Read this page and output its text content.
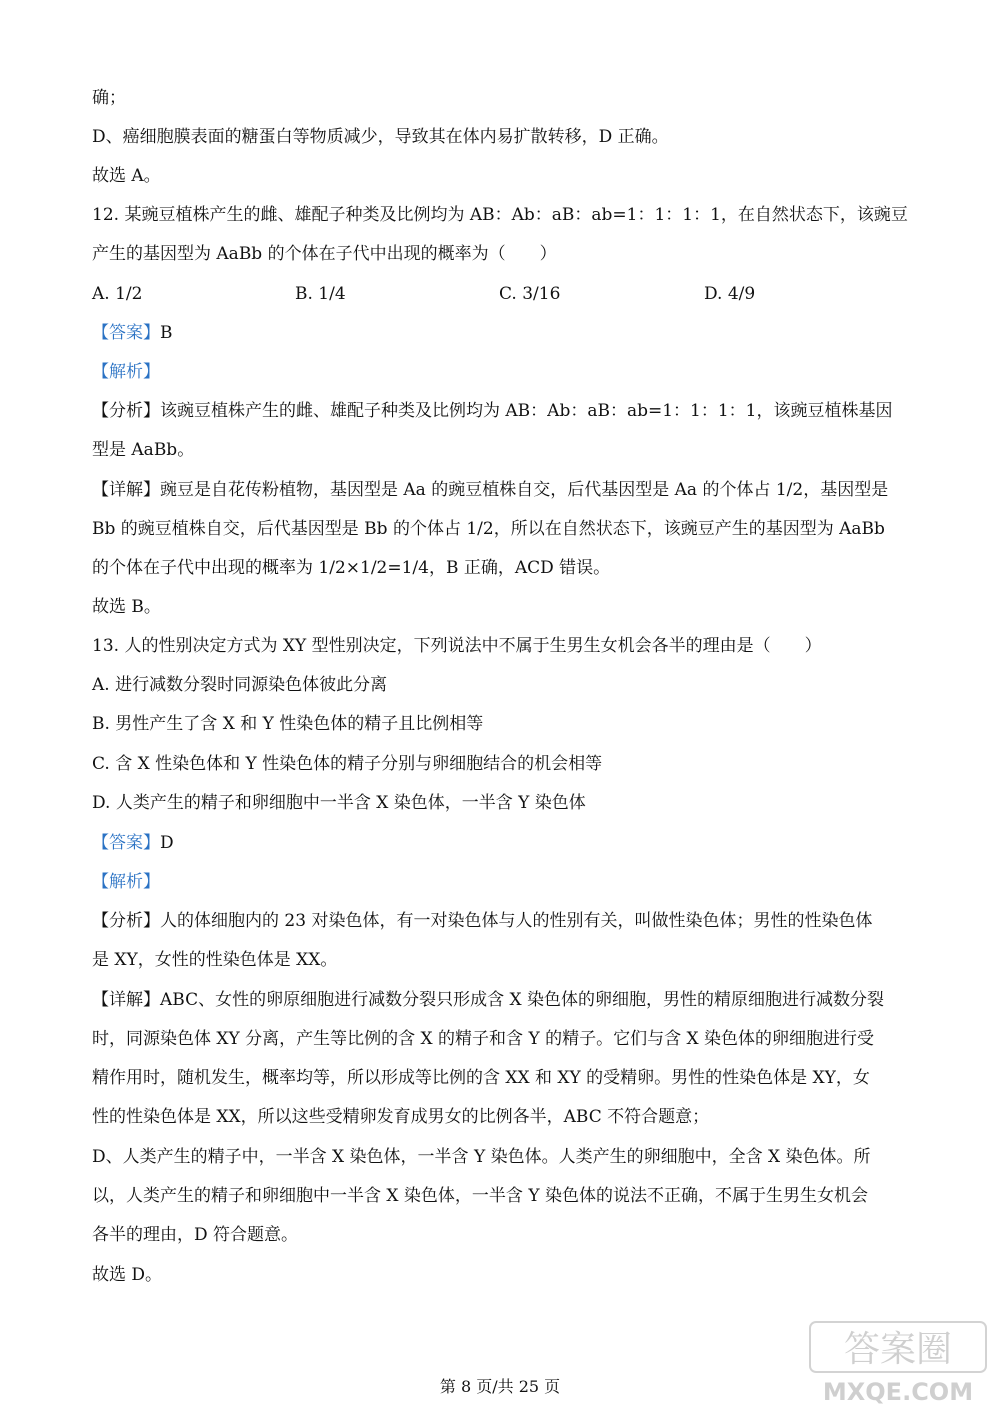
确；
D、癌细胞膜表面的糖蛋白等物质减少，导致其在体内易扩散转移，D 正确。
故选 A。
12. 某豌豆植株产生的雌、雄配子种类及比例均为 AB：Ab：aB：ab=1：1：1：1，在自然状态下，该豌豆
产生的基因型为 AaBb 的个体在子代中出现的概率为（　　）
A. 1/2	B. 1/4	C. 3/16	D. 4/9
【答案】B
【解析】
【分析】该豌豆植株产生的雌、雄配子种类及比例均为 AB：Ab：aB：ab=1：1：1：1，该豌豆植株基因
型是 AaBb。
【详解】豌豆是自花传粉植物，基因型是 Aa 的豌豆植株自交，后代基因型是 Aa 的个体占 1/2，基因型是
Bb 的豌豆植株自交，后代基因型是 Bb 的个体占 1/2，所以在自然状态下，该豌豆产生的基因型为 AaBb
的个体在子代中出现的概率为 1/2×1/2=1/4，B 正确，ACD 错误。
故选 B。
13. 人的性别决定方式为 XY 型性别决定，下列说法中不属于生男生女机会各半的理由是（　　）
A. 进行减数分裂时同源染色体彼此分离
B. 男性产生了含 X 和 Y 性染色体的精子且比例相等
C. 含 X 性染色体和 Y 性染色体的精子分别与卵细胞结合的机会相等
D. 人类产生的精子和卵细胞中一半含 X 染色体，一半含 Y 染色体
【答案】D
【解析】
【分析】人的体细胞内的 23 对染色体，有一对染色体与人的性别有关，叫做性染色体；男性的性染色体
是 XY，女性的性染色体是 XX。
【详解】ABC、女性的卵原细胞进行减数分裂只形成含 X 染色体的卵细胞，男性的精原细胞进行减数分裂
时，同源染色体 XY 分离，产生等比例的含 X 的精子和含 Y 的精子。它们与含 X 染色体的卵细胞进行受
精作用时，随机发生，概率均等，所以形成等比例的含 XX 和 XY 的受精卵。男性的性染色体是 XY，女
性的性染色体是 XX，所以这些受精卵发育成男女的比例各半，ABC 不符合题意；
D、人类产生的精子中，一半含 X 染色体，一半含 Y 染色体。人类产生的卵细胞中，全含 X 染色体。所
以，人类产生的精子和卵细胞中一半含 X 染色体，一半含 Y 染色体的说法不正确，不属于生男生女机会
各半的理由，D 符合题意。
故选 D。
第 8 页/共 25 页
答案圈
MXQE.COM
